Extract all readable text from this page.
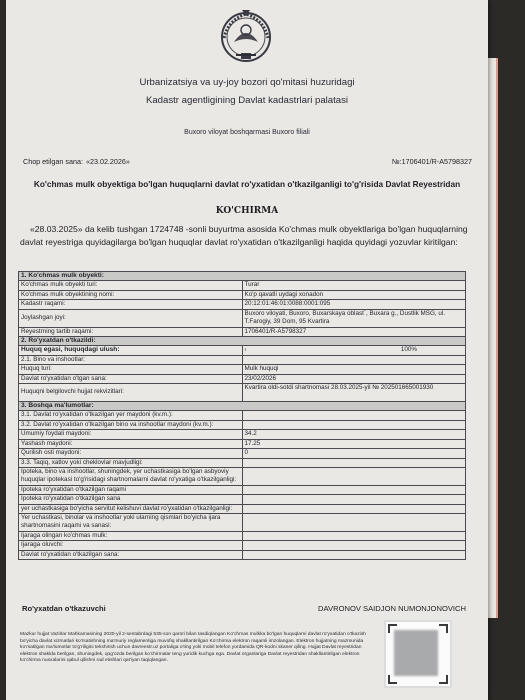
Urbanizatsiya va uy-joy bozori qo'mitasi huzuridagi
Kadastr agentligining Davlat kadastrlari palatasi
Buxoro viloyat boshqarmasi Buxoro filiali
Chop etilgan sana: «23.02.2026»	№:1706401/R-A5798327
Ko'chmas mulk obyektiga bo'lgan huquqlarni davlat ro'yxatidan o'tkazilganligi to'g'risida Davlat Reyestridan
KO'CHIRMA
«28.03.2025» da kelib tushgan 1724748 -sonli buyurtma asosida Ko'chmas mulk obyektlariga bo'lgan huquqlarning davlat reyestriga quyidagilarga bo'lgan huquqlar davlat ro'yxatidan o'tkazilganligi haqida quyidagi yozuvlar kiritilgan:
1. Ko'chmas mulk obyekti:	
Ko'chmas mulk obyekti turi:	Turar
Ko'chmas mulk obyektining nomi:	Ko'p qavatli uydagi xonadon
Kadastr raqami:	20:12:01:46:01:0088:0001:095
Joylashgan joyi:	Buxoro viloyati, Buxoro, Buxarskaya oblast`, Buxara g., Dustlik MSG, ul. T.Farogiy, 39 Dom, 95 Kvartira
Reyestrning tartib raqami:	1706401/R-A5798327
2. Ro'yxatdan o'tkazildi:	
Huquq egasi, huquqdagi ulush:	ı 100%

2.1. Bino va inshootlar:	
Huquq turi:	Mulk huquqi
Davlat ro'yxatidan o'tgan sana:	23/02/2026
Huquqni belgilovchi hujjat rekvizitlari:	Kvartira oldi-sotdi shartnomasi 28.03.2025-yil № 202501665001930
3. Boshqa ma'lumotlar:	
3.1. Davlat ro'yxatidan o'tkazilgan yer maydoni (kv.m.):	
3.2. Davlat ro'yxatidan o'tkazilgan bino va inshootlar maydoni (kv.m.):	
Umumiy foydali maydoni:	34.2
Yashash maydoni:	17.25
Qurilish osti maydoni:	0
3.3. Taqiq, xatlov yoki cheklovlar mavjudligi:	
Ipoteka, bino va inshootlar, shuningdek, yer uchastkasiga bo'lgan asbyoviy huquqlar ipotekasi to'g'risidagi shartnomalarni davlat ro'yxatiga o'tkazilganligi:	
Ipoteka ro'yxatidan o'tkazilgan raqami	
Ipoteka ro'yxatidan o'tkazilgan sana	
yer uchastkasiga bo'yicha servitut kelishuvi davlat ro'yxatidan o'tkazilganligi:	
Yer uchastkasi, binolar va inshootlar yoki ularning qismlari bo'yicha ijara shartnomasini raqami va sanasi:	
Ijaraga olingan ko'chmas mulk:	
Ijaraga oluvchi:	
Davlat ro'yxatidan o'tkazilgan sana:	
Ro'yxatdan o'tkazuvchi	DAVRONOV SAIDJON NUMONJONOVICH
Mazkur hujjat Vazirlar Mahkamasining 2020-yil 2-sentabrdagi 535-son qarori bilan tasdiqlangan Ko'chmas mulkka bo'lgan huquqlarni davlat ro'yxatidan o'tkazish bo'yicha davlat xizmatlari ko'rsatishning ma'muriy reglamentiga muvofiq shakllantirilgan Ko'chirma elektron raqamli imzolangan. Elektron hujjatning mazmunida ko'rsatilgan ma'lumotlar to'g'riligini tekshirish uchun davreestr.uz portaliga o'ting yoki mobil telefon yordamida QR-kodni skaner qiling. Hujjat Davlat reyestridan elektron shaklda berilgan, shuningdek, qog'ozda berilgan ko'chirmalar teng yuridik kuchga ega. Davlat organlariga Davlat reyestridan shakllantirilgan elektron ko'chirma nusxalarini qabul qilishni rad etishlari qat'iyan taqiqlangan.
